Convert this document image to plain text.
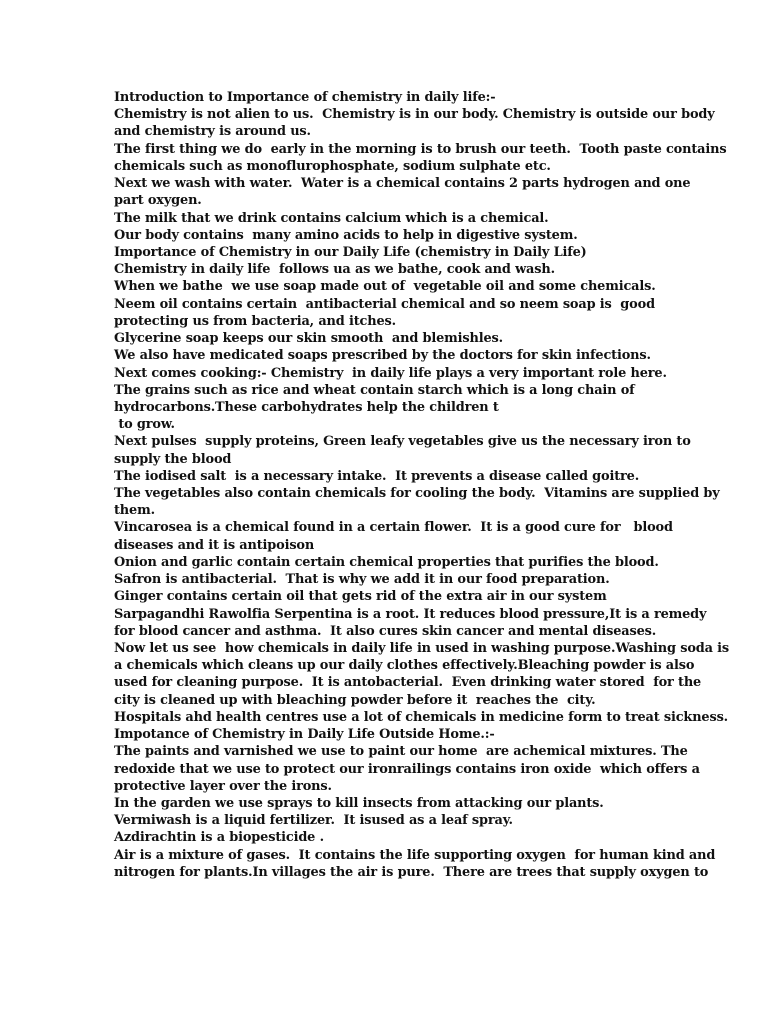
Introduction to Importance of chemistry in daily life:-
Chemistry is not alien to us.  Chemistry is in our body. Chemistry is outside our body
and chemistry is around us.
The first thing we do  early in the morning is to brush our teeth.  Tooth paste contains
chemicals such as monoflurophosphate, sodium sulphate etc.
Next we wash with water.  Water is a chemical contains 2 parts hydrogen and one
part oxygen.
The milk that we drink contains calcium which is a chemical.
Our body contains  many amino acids to help in digestive system.
Importance of Chemistry in our Daily Life (chemistry in Daily Life)
Chemistry in daily life  follows ua as we bathe, cook and wash.
When we bathe  we use soap made out of  vegetable oil and some chemicals.
Neem oil contains certain  antibacterial chemical and so neem soap is  good
protecting us from bacteria, and itches.
Glycerine soap keeps our skin smooth  and blemishles.
We also have medicated soaps prescribed by the doctors for skin infections.
Next comes cooking:- Chemistry  in daily life plays a very important role here.
The grains such as rice and wheat contain starch which is a long chain of
hydrocarbons.These carbohydrates help the children t
to grow.
Next pulses  supply proteins, Green leafy vegetables give us the necessary iron to
supply the blood
The iodised salt  is a necessary intake.  It prevents a disease called goitre.
The vegetables also contain chemicals for cooling the body.  Vitamins are supplied by
them.
Vincarosea is a chemical found in a certain flower.  It is a good cure for   blood
diseases and it is antipoison
Onion and garlic contain certain chemical properties that purifies the blood.
Safron is antibacterial.  That is why we add it in our food preparation.
Ginger contains certain oil that gets rid of the extra air in our system
Sarpagandhi Rawolfia Serpentina is a root. It reduces blood pressure,It is a remedy
for blood cancer and asthma.  It also cures skin cancer and mental diseases.
Now let us see  how chemicals in daily life in used in washing purpose.Washing soda is
a chemicals which cleans up our daily clothes effectively.Bleaching powder is also
used for cleaning purpose.  It is antobacterial.  Even drinking water stored  for the
city is cleaned up with bleaching powder before it  reaches the  city.
Hospitals ahd health centres use a lot of chemicals in medicine form to treat sickness.
Impotance of Chemistry in Daily Life Outside Home.:-
The paints and varnished we use to paint our home  are achemical mixtures. The
redoxide that we use to protect our ironrailings contains iron oxide  which offers a
protective layer over the irons.
In the garden we use sprays to kill insects from attacking our plants.
Vermiwash is a liquid fertilizer.  It isused as a leaf spray.
Azdirachtin is a biopesticide .
Air is a mixture of gases.  It contains the life supporting oxygen  for human kind and
nitrogen for plants.In villages the air is pure.  There are trees that supply oxygen to
